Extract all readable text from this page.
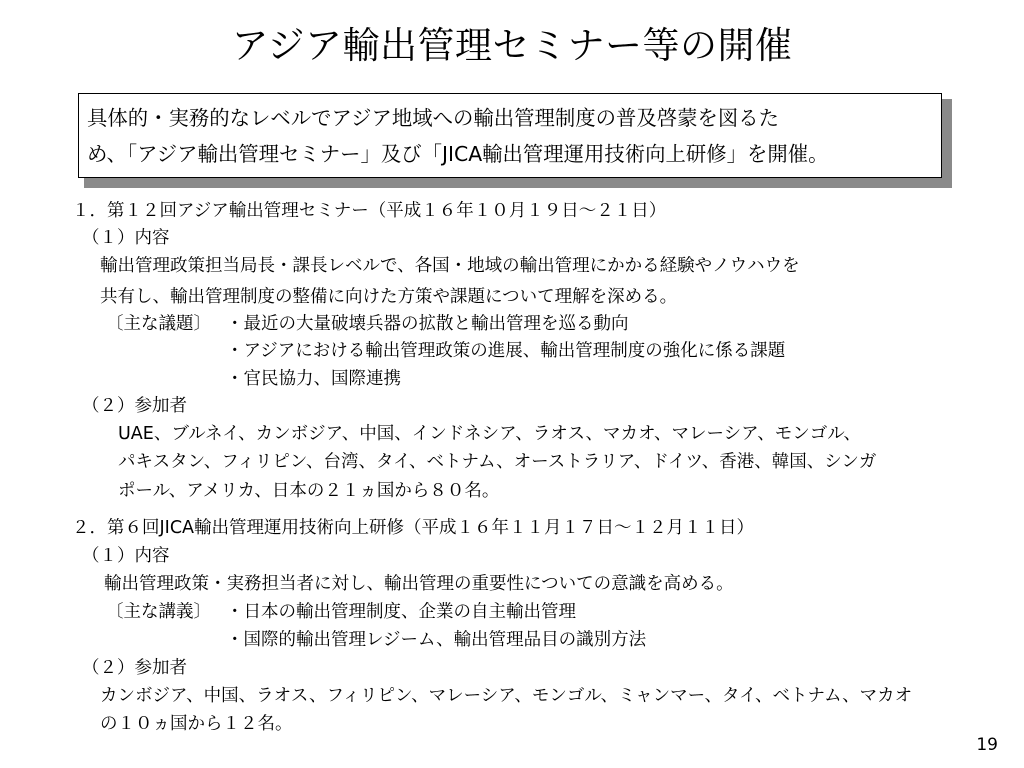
アジア輸出管理セミナー等の開催
具体的・実務的なレベルでアジア地域への輸出管理制度の普及啓蒙を図るた
め、「アジア輸出管理セミナー」及び「JICA輸出管理運用技術向上研修」を開催。
１．第１２回アジア輸出管理セミナー（平成１６年１０月１９日～２１日）
（１）内容
輸出管理政策担当局長・課長レベルで、各国・地域の輸出管理にかかる経験やノウハウを
共有し、輸出管理制度の整備に向けた方策や課題について理解を深める。
〔主な議題〕 ・最近の大量破壊兵器の拡散と輸出管理を巡る動向
・アジアにおける輸出管理政策の進展、輸出管理制度の強化に係る課題
・官民協力、国際連携
（２）参加者
UAE、ブルネイ、カンボジア、中国、インドネシア、ラオス、マカオ、マレーシア、モンゴル、
パキスタン、フィリピン、台湾、タイ、ベトナム、オーストラリア、ドイツ、香港、韓国、シンガ
ポール、アメリカ、日本の２１ヵ国から８０名。
２．第６回JICA輸出管理運用技術向上研修（平成１６年１１月１７日～１２月１１日）
（１）内容
輸出管理政策・実務担当者に対し、輸出管理の重要性についての意識を高める。
〔主な講義〕 ・日本の輸出管理制度、企業の自主輸出管理
・国際的輸出管理レジーム、輸出管理品目の識別方法
（２）参加者
カンボジア、中国、ラオス、フィリピン、マレーシア、モンゴル、ミャンマー、タイ、ベトナム、マカオ
の１０ヵ国から１２名。
19
